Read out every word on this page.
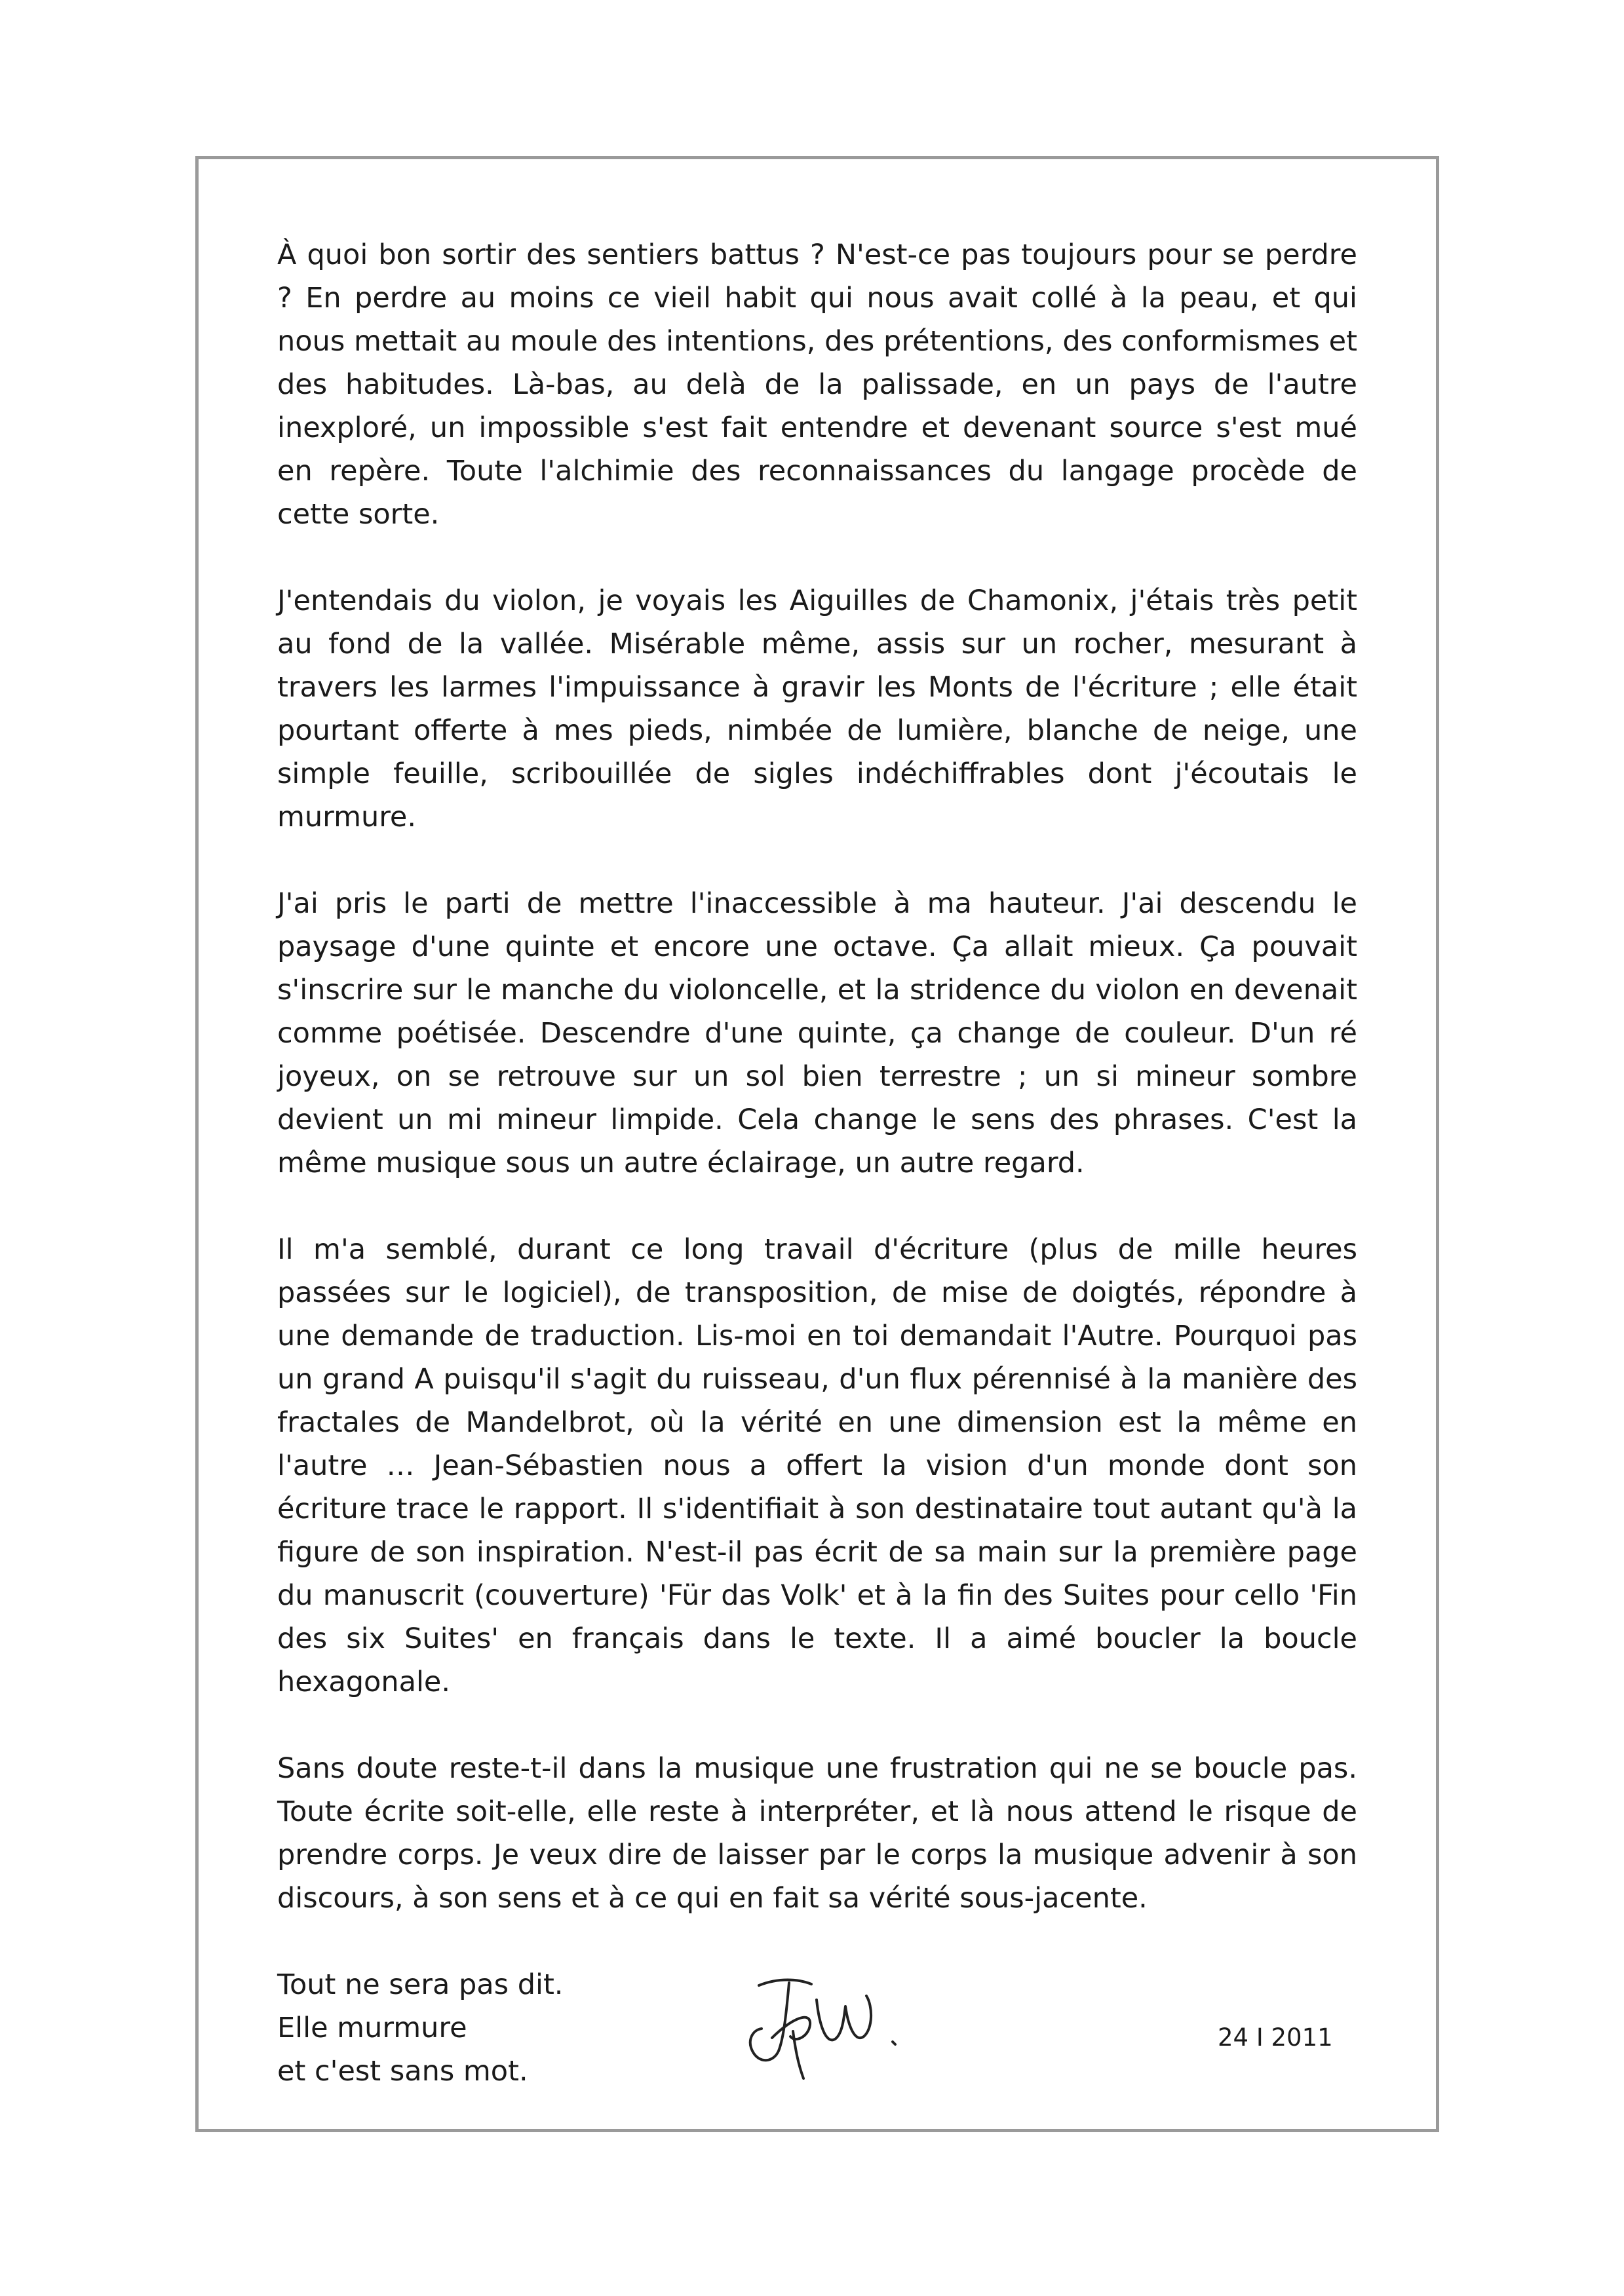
À quoi bon sortir des sentiers battus ? N'est-ce pas toujours pour se perdre ? En perdre au moins ce vieil habit qui nous avait collé à la peau, et qui nous mettait au moule des intentions, des prétentions, des conformismes et des habitudes. Là-bas, au delà de la palissade, en un pays de l'autre inexploré, un impossible s'est fait entendre et devenant source s'est mué en repère. Toute l'alchimie des reconnaissances du langage procède de cette sorte.

J'entendais du violon, je voyais les Aiguilles de Chamonix, j'étais très petit au fond de la vallée. Misérable même, assis sur un rocher, mesurant à travers les larmes l'impuissance à gravir les Monts de l'écriture ; elle était pourtant offerte à mes pieds, nimbée de lumière, blanche de neige, une simple feuille, scribouillée de sigles indéchiffrables dont j'écoutais le murmure.

J'ai pris le parti de mettre l'inaccessible à ma hauteur. J'ai descendu le paysage d'une quinte et encore une octave. Ça allait mieux. Ça pouvait s'inscrire sur le manche du violoncelle, et la stridence du violon en devenait comme poétisée. Descendre d'une quinte, ça change de couleur. D'un ré joyeux, on se retrouve sur un sol bien terrestre ; un si mineur sombre devient un mi mineur limpide. Cela change le sens des phrases. C'est la même musique sous un autre éclairage, un autre regard.

Il m'a semblé, durant ce long travail d'écriture (plus de mille heures passées sur le logiciel), de transposition, de mise de doigtés, répondre à une demande de traduction. Lis-moi en toi demandait l'Autre. Pourquoi pas un grand A puisqu'il s'agit du ruisseau, d'un flux pérennisé à la manière des fractales de Mandelbrot, où la vérité en une dimension est la même en l'autre … Jean-Sébastien nous a offert la vision d'un monde dont son écriture trace le rapport. Il s'identifiait à son destinataire tout autant qu'à la figure de son inspiration. N'est-il pas écrit de sa main sur la première page du manuscrit (couverture) 'Für das Volk' et à la fin des Suites pour cello 'Fin des six Suites' en français dans le texte. Il a aimé boucler la boucle hexagonale.

Sans doute reste-t-il dans la musique une frustration qui ne se boucle pas. Toute écrite soit-elle, elle reste à interpréter, et là nous attend le risque de prendre corps. Je veux dire de laisser par le corps la musique advenir à son discours, à son sens et à ce qui en fait sa vérité sous-jacente.

Tout ne sera pas dit.
Elle murmure
et c'est sans mot.

24 I 2011
